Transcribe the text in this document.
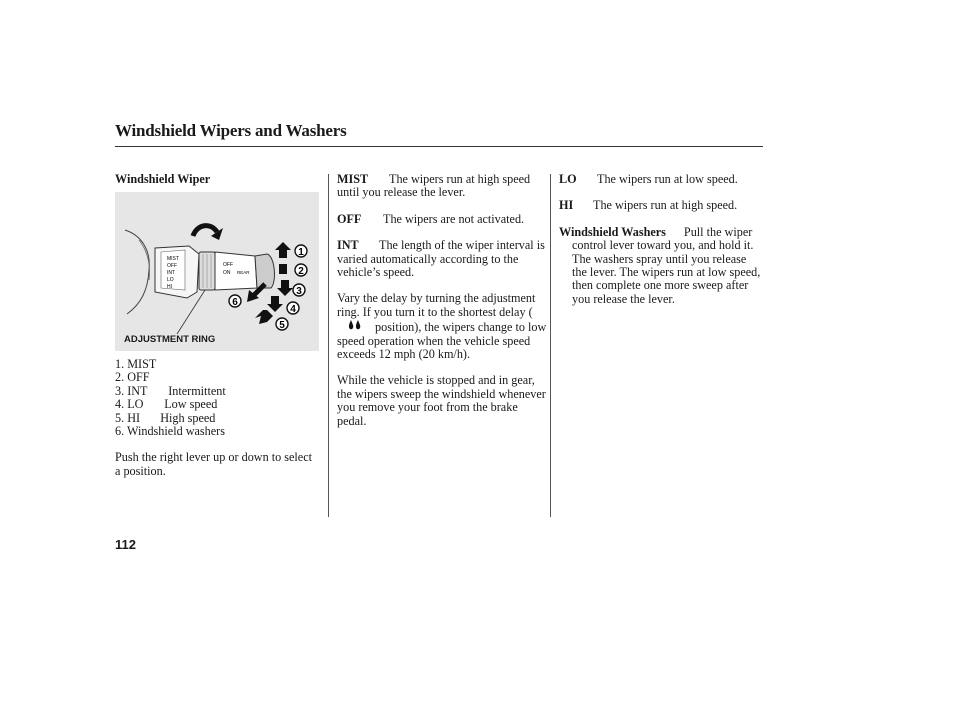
Windshield Wipers and Washers

Windshield Wiper

MIST
OFF
INT
LO
HI
OFF
ON REAR
1
2
3
4
5
6
ADJUSTMENT RING

1. MIST

2. OFF

3. INT Intermittent

4. LO Low speed

5. HI High speed

6. Windshield washers

Push the right lever up or down to select a position.

MIST The wipers run at high speed until you release the lever.

OFF The wipers are not activated.

INT The length of the wiper interval is varied automatically according to the vehicle’s speed.

Vary the delay by turning the adjustment ring. If you turn it to the shortest delay (position), the wipers change to low speed operation when the vehicle speed exceeds 12 mph (20 km/h).

While the vehicle is stopped and in gear, the wipers sweep the windshield whenever you remove your foot from the brake pedal.

LO The wipers run at low speed.

HI The wipers run at high speed.

Windshield Washers Pull the wiper control lever toward you, and hold it. The washers spray until you release the lever. The wipers run at low speed, then complete one more sweep after you release the lever.

112
